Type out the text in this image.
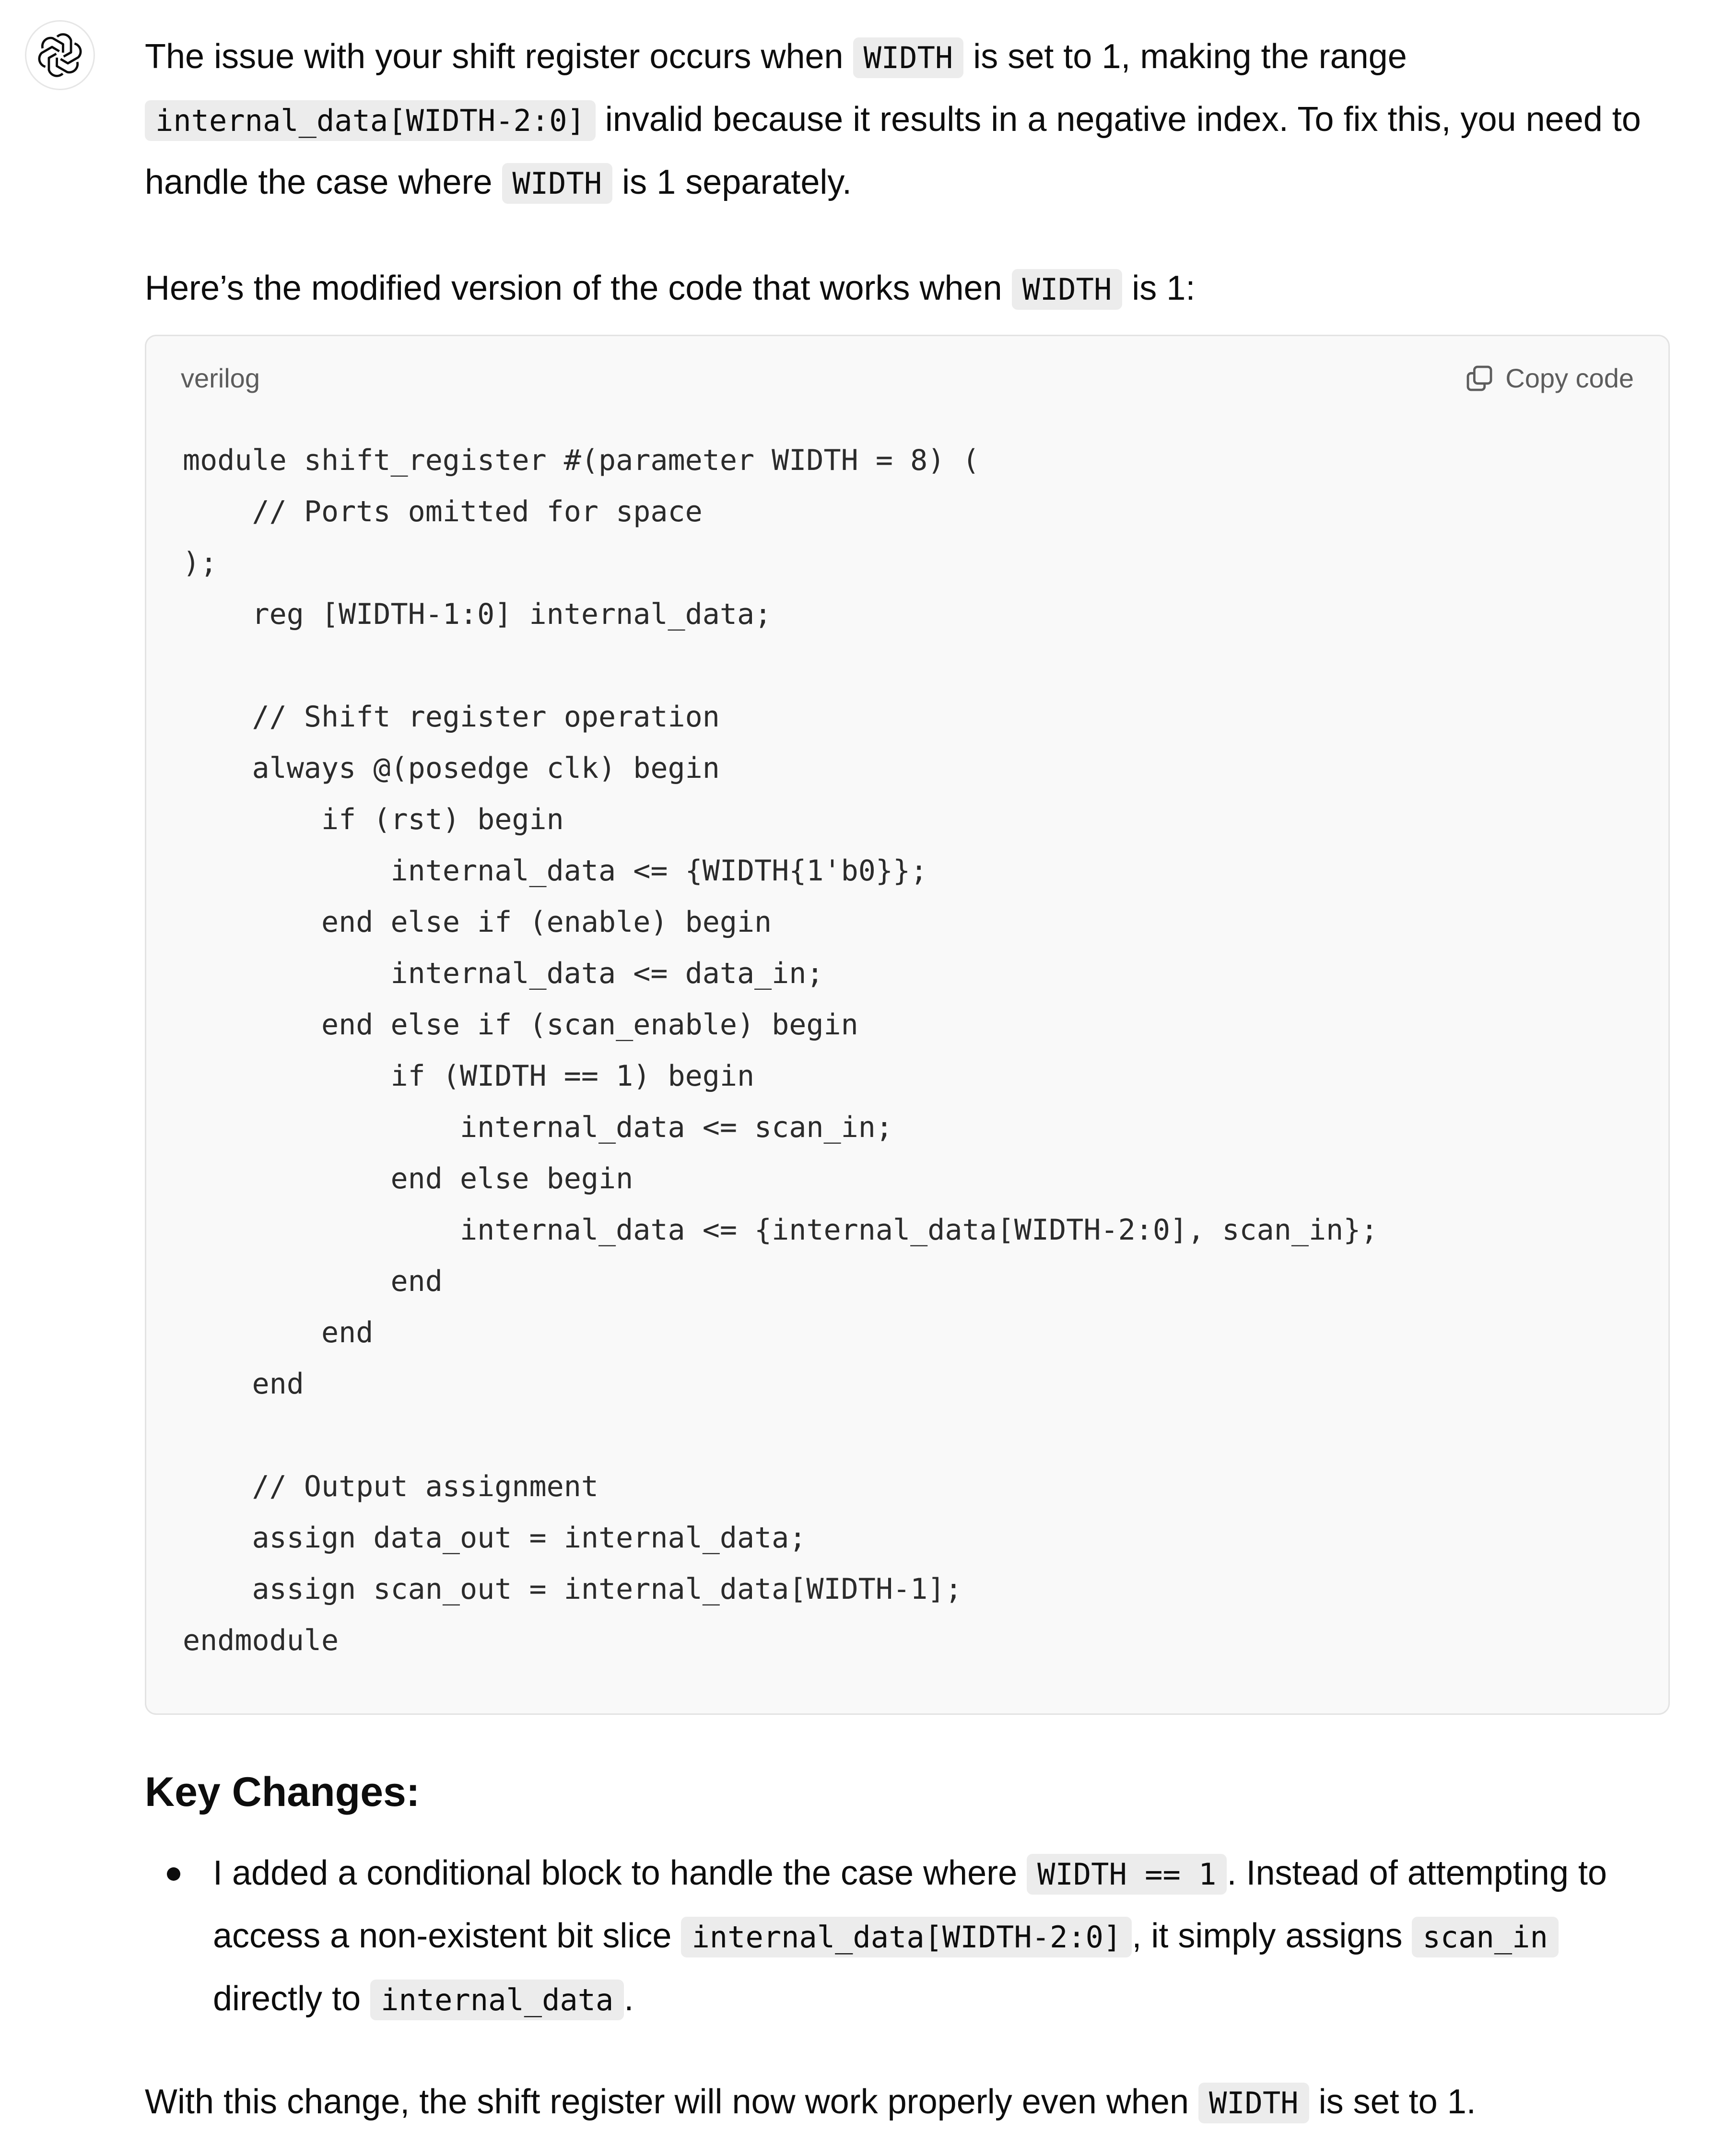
The issue with your shift register occurs when WIDTH is set to 1, making the range internal_data[WIDTH-2:0] invalid because it results in a negative index. To fix this, you need to handle the case where WIDTH is 1 separately.

Here’s the modified version of the code that works when WIDTH is 1:

verilog	Copy code
module shift_register #(parameter WIDTH = 8) (
// Ports omitted for space
);
reg [WIDTH-1:0] internal_data;

// Shift register operation
always @(posedge clk) begin
if (rst) begin
internal_data <= {WIDTH{1'b0}};
end else if (enable) begin
internal_data <= data_in;
end else if (scan_enable) begin
if (WIDTH == 1) begin
internal_data <= scan_in;
end else begin
internal_data <= {internal_data[WIDTH-2:0], scan_in};
end
end
end

// Output assignment
assign data_out = internal_data;
assign scan_out = internal_data[WIDTH-1];
endmodule
Key Changes:
I added a conditional block to handle the case where WIDTH == 1 . Instead of attempting to access a non-existent bit slice internal_data[WIDTH-2:0] , it simply assigns scan_in directly to internal_data .

With this change, the shift register will now work properly even when WIDTH is set to 1.
